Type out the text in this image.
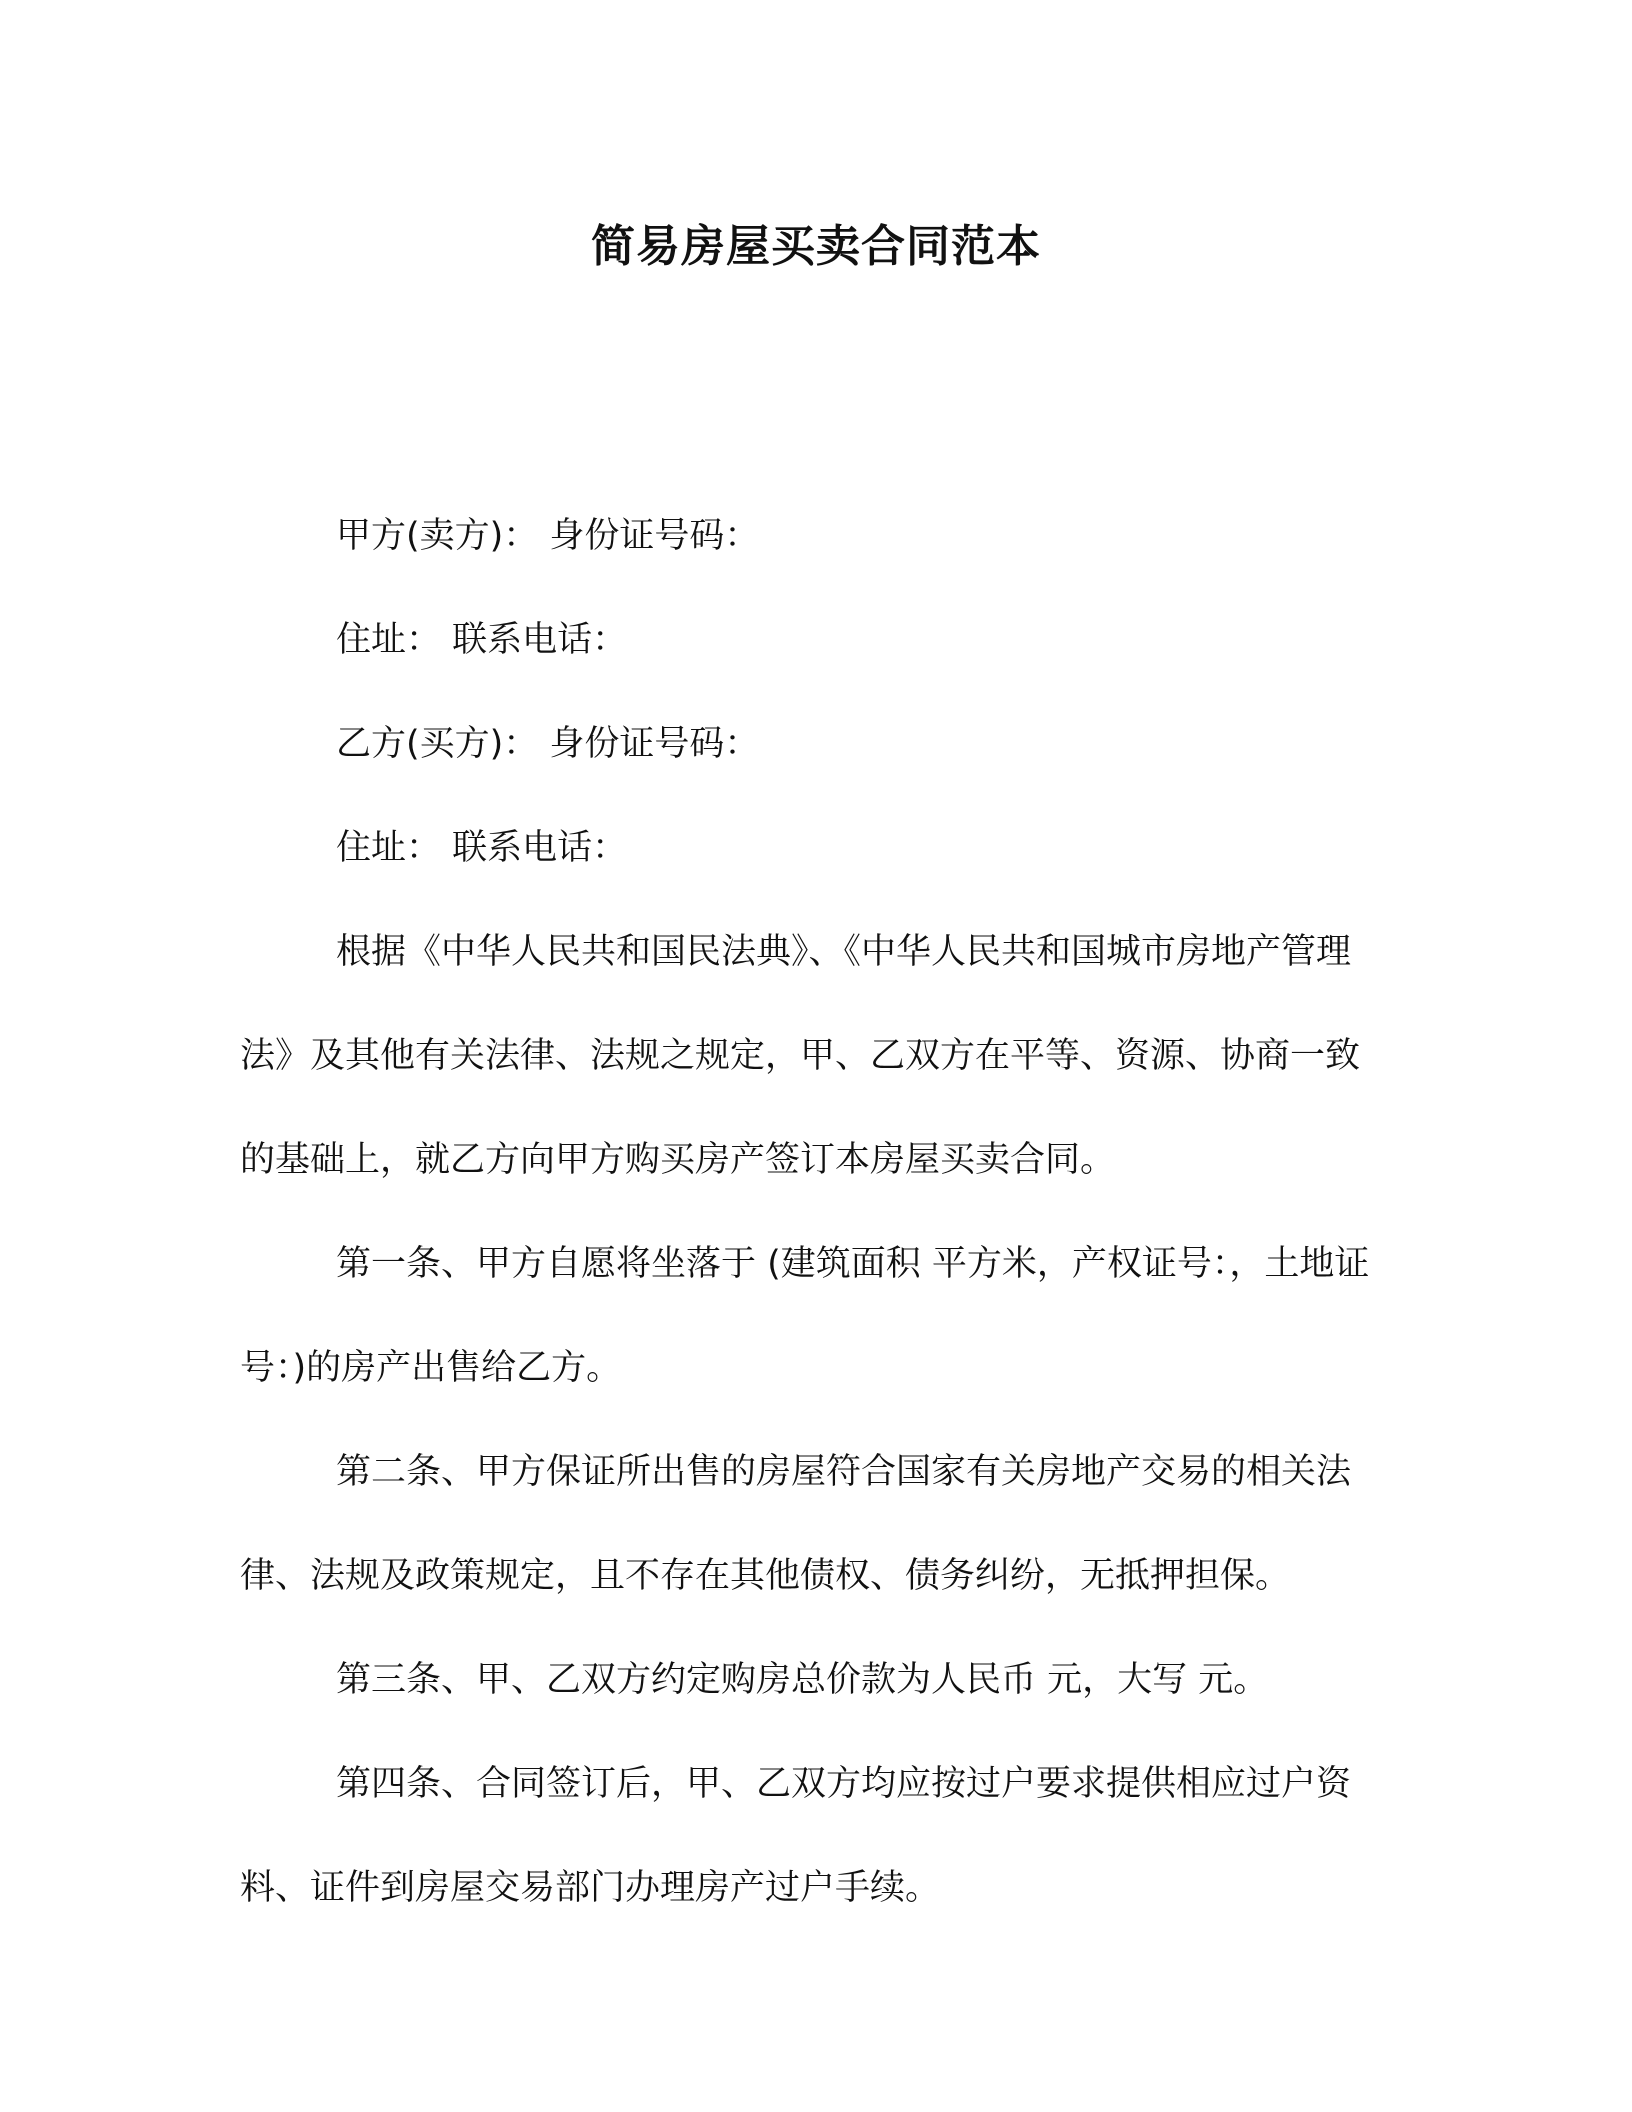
简易房屋买卖合同范本

甲方(卖方)： 身份证号码：

住址： 联系电话：

乙方(买方)： 身份证号码：

住址： 联系电话：

根据《中华人民共和国民法典》、《中华人民共和国城市房地产管理法》及其他有关法律、法规之规定，甲、乙双方在平等、资源、协商一致的基础上，就乙方向甲方购买房产签订本房屋买卖合同。

第一条、甲方自愿将坐落于 (建筑面积 平方米，产权证号：，土地证号：)的房产出售给乙方。

第二条、甲方保证所出售的房屋符合国家有关房地产交易的相关法律、法规及政策规定，且不存在其他债权、债务纠纷，无抵押担保。

第三条、甲、乙双方约定购房总价款为人民币 元，大写 元。

第四条、合同签订后，甲、乙双方均应按过户要求提供相应过户资料、证件到房屋交易部门办理房产过户手续。
